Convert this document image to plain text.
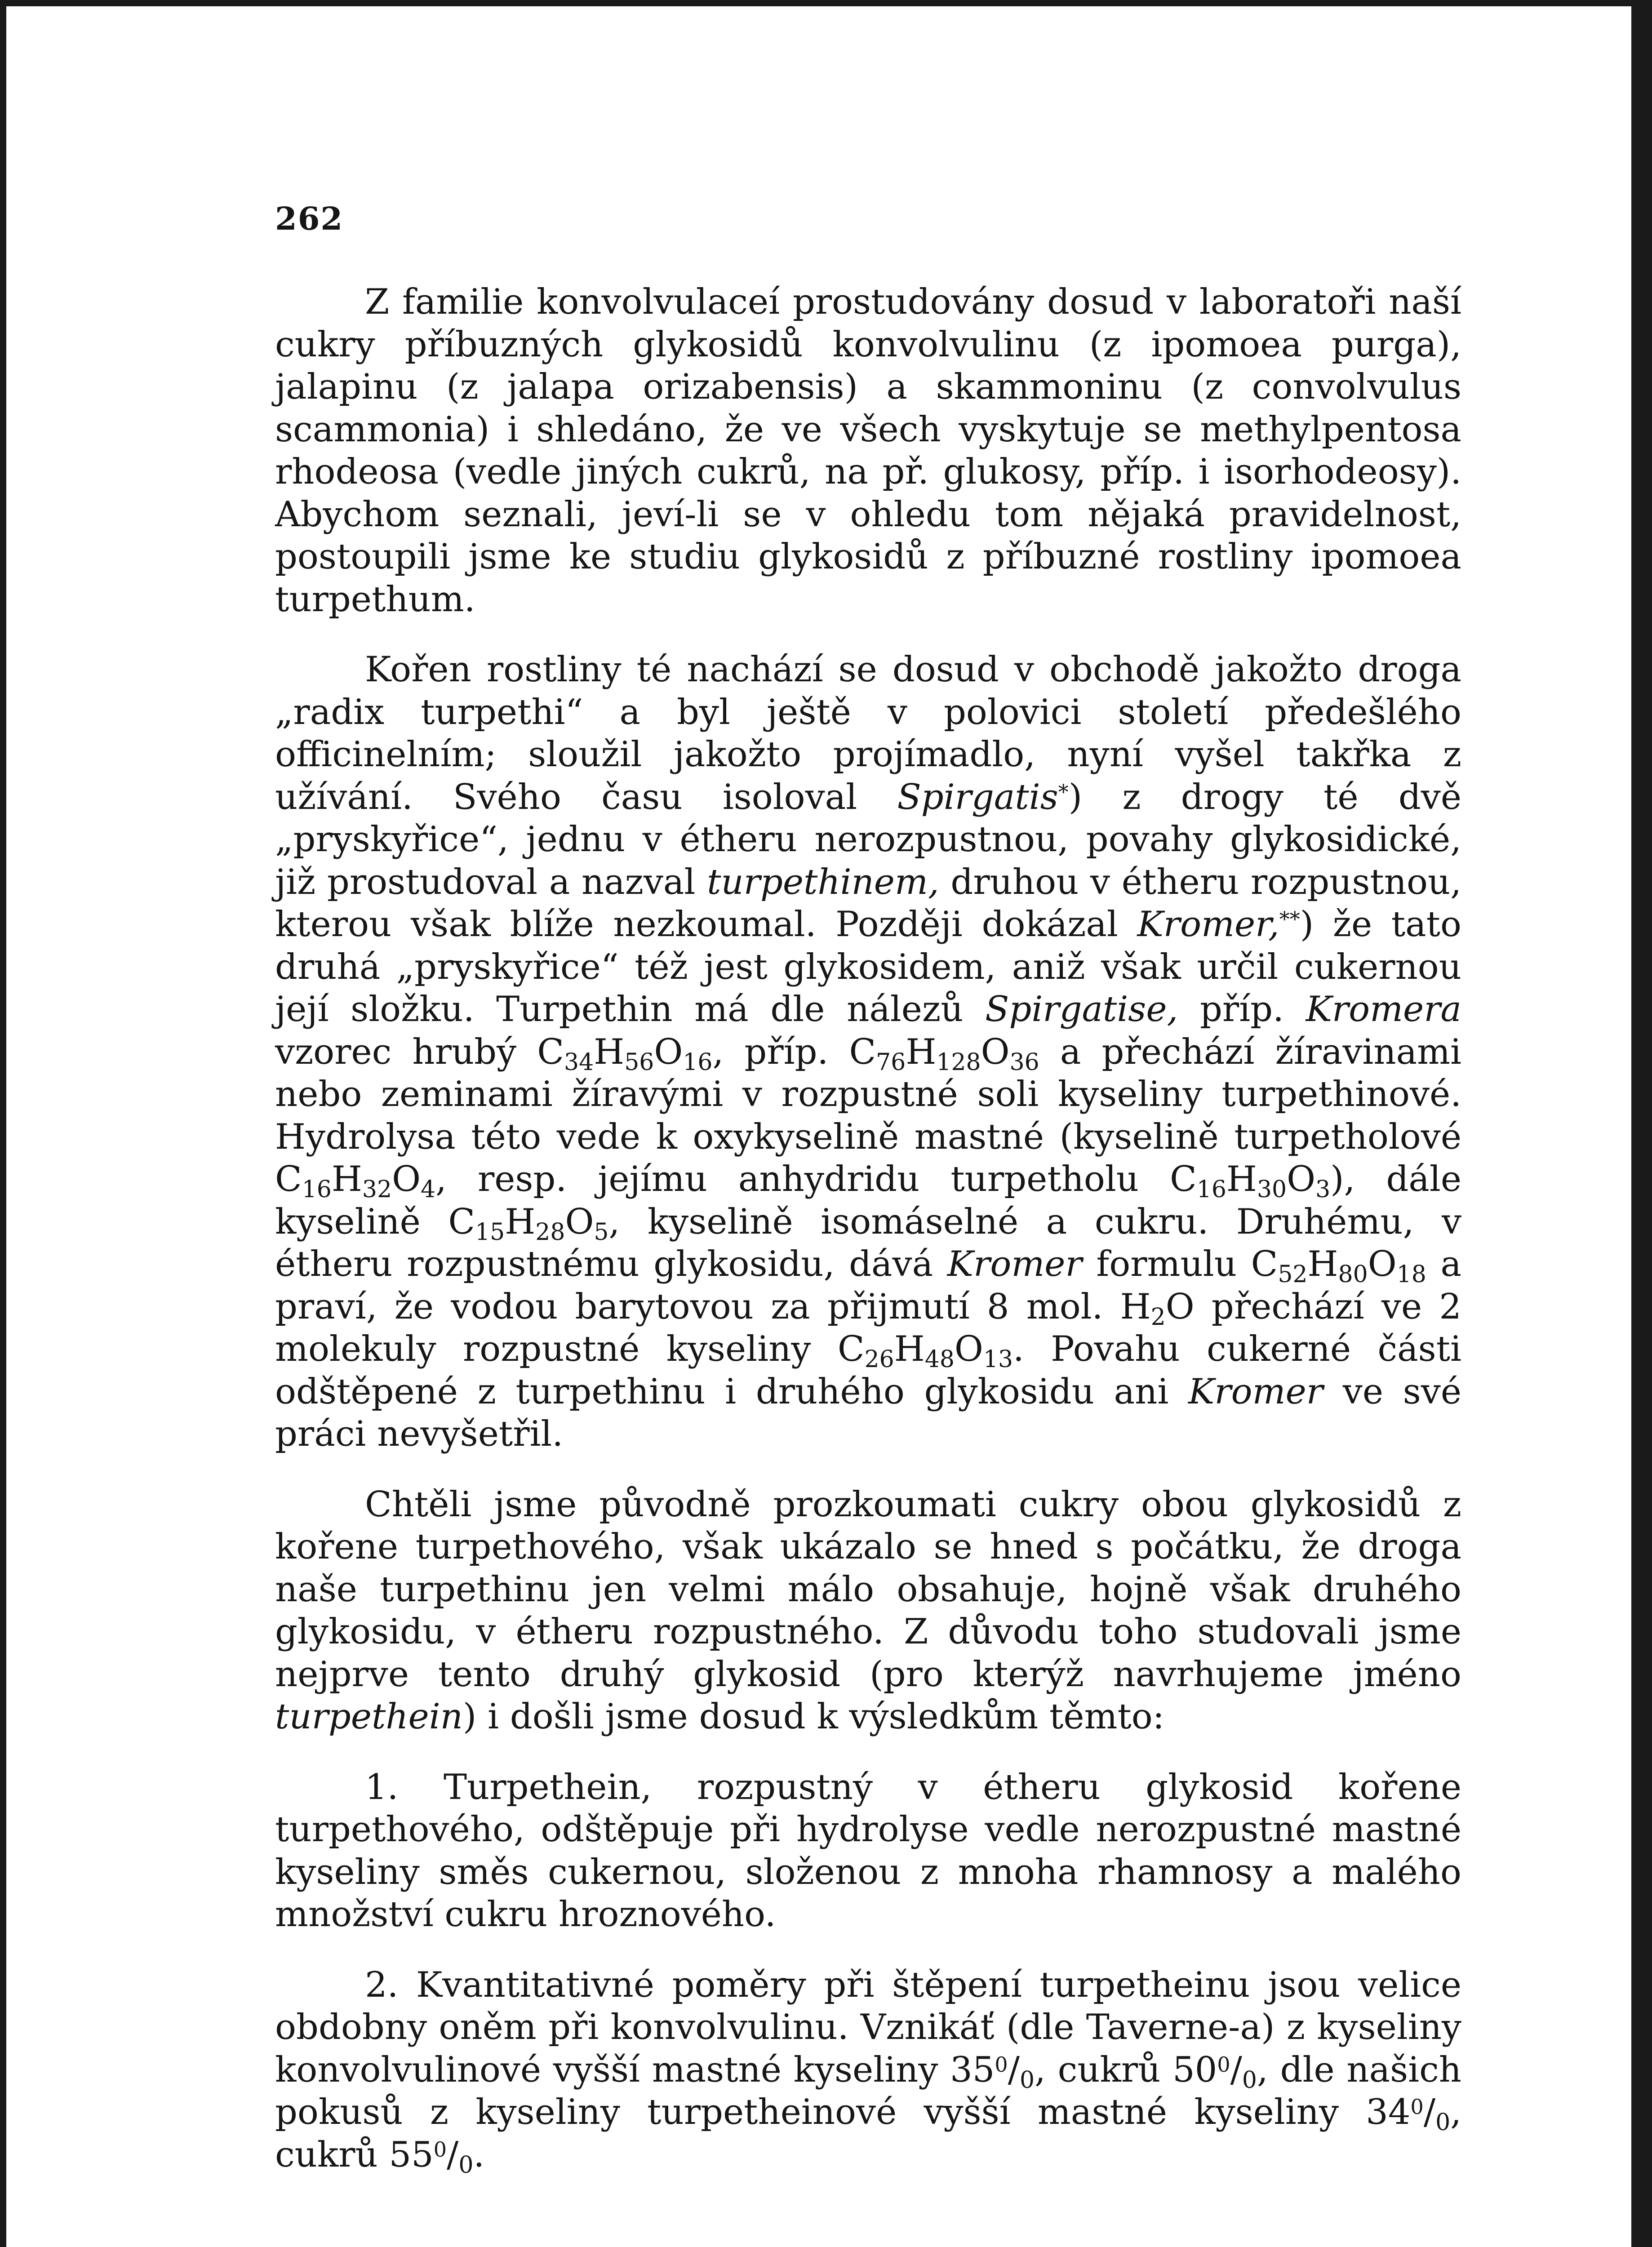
262

Z familie konvolvulaceí prostudovány dosud v laboratoři naší cukry příbuzných glykosidů konvolvulinu (z ipomoea purga), jalapinu (z jalapa orizabensis) a skammoninu (z convolvulus scammonia) i shledáno, že ve všech vyskytuje se methylpentosa rhodeosa (vedle jiných cukrů, na př. glukosy, příp. i isorhodeosy). Abychom seznali, jeví-li se v ohledu tom nějaká pravidelnost, postoupili jsme ke studiu glykosidů z příbuzné rostliny ipomoea turpethum.

Kořen rostliny té nachází se dosud v obchodě jakožto droga „radix turpethi“ a byl ještě v polovici století předešlého officinelním; sloužil jakožto projímadlo, nyní vyšel takřka z užívání. Svého času isoloval Spirgatis*) z drogy té dvě „pryskyřice“, jednu v étheru nerozpustnou, povahy glykosidické, již prostudoval a nazval turpethinem, druhou v étheru rozpustnou, kterou však blíže nezkoumal. Později dokázal Kromer,**) že tato druhá „pryskyřice“ též jest glykosidem, aniž však určil cukernou její složku. Turpethin má dle nálezů Spirgatise, příp. Kromera vzorec hrubý $C_{34}H_{56}O_{16}$, příp. $C_{76}H_{128}O_{36}$ a přechází žíravinami nebo zeminami žíravými v rozpustné soli kyseliny turpethinové. Hydrolysa této vede k oxykyselině mastné (kyselině turpetholové $C_{16}H_{32}O_4$, resp. jejímu anhydridu turpetholu $C_{16}H_{30}O_3$), dále kyselině $C_{15}H_{28}O_5$, kyselině isomáselné a cukru. Druhému, v étheru rozpustnému glykosidu, dává Kromer formulu $C_{52}H_{80}O_{18}$ a praví, že vodou barytovou za přijmutí 8 mol. $H_2O$ přechází ve 2 molekuly rozpustné kyseliny $C_{26}H_{48}O_{13}$. Povahu cukerné části odštěpené z turpethinu i druhého glykosidu ani Kromer ve své práci nevyšetřil.

Chtěli jsme původně prozkoumati cukry obou glykosidů z kořene turpethového, však ukázalo se hned s počátku, že droga naše turpethinu jen velmi málo obsahuje, hojně však druhého glykosidu, v étheru rozpustného. Z důvodu toho studovali jsme nejprve tento druhý glykosid (pro kterýž navrhujeme jméno turpethein) i došli jsme dosud k výsledkům těmto:

1. Turpethein, rozpustný v étheru glykosid kořene turpethového, odštěpuje při hydrolyse vedle nerozpustné mastné kyseliny směs cukernou, složenou z mnoha rhamnosy a malého množství cukru hroznového.

2. Kvantitativné poměry při štěpení turpetheinu jsou velice obdobny oněm při konvolvulinu. Vznikáť (dle Taverne-a) z kyseliny konvolvulinové vyšší mastné kyseliny $35^0/_0$, cukrů $50^0/_0$, dle našich pokusů z kyseliny turpetheinové vyšší mastné kyseliny $34^0/_0$, cukrů $55^0/_0$.
